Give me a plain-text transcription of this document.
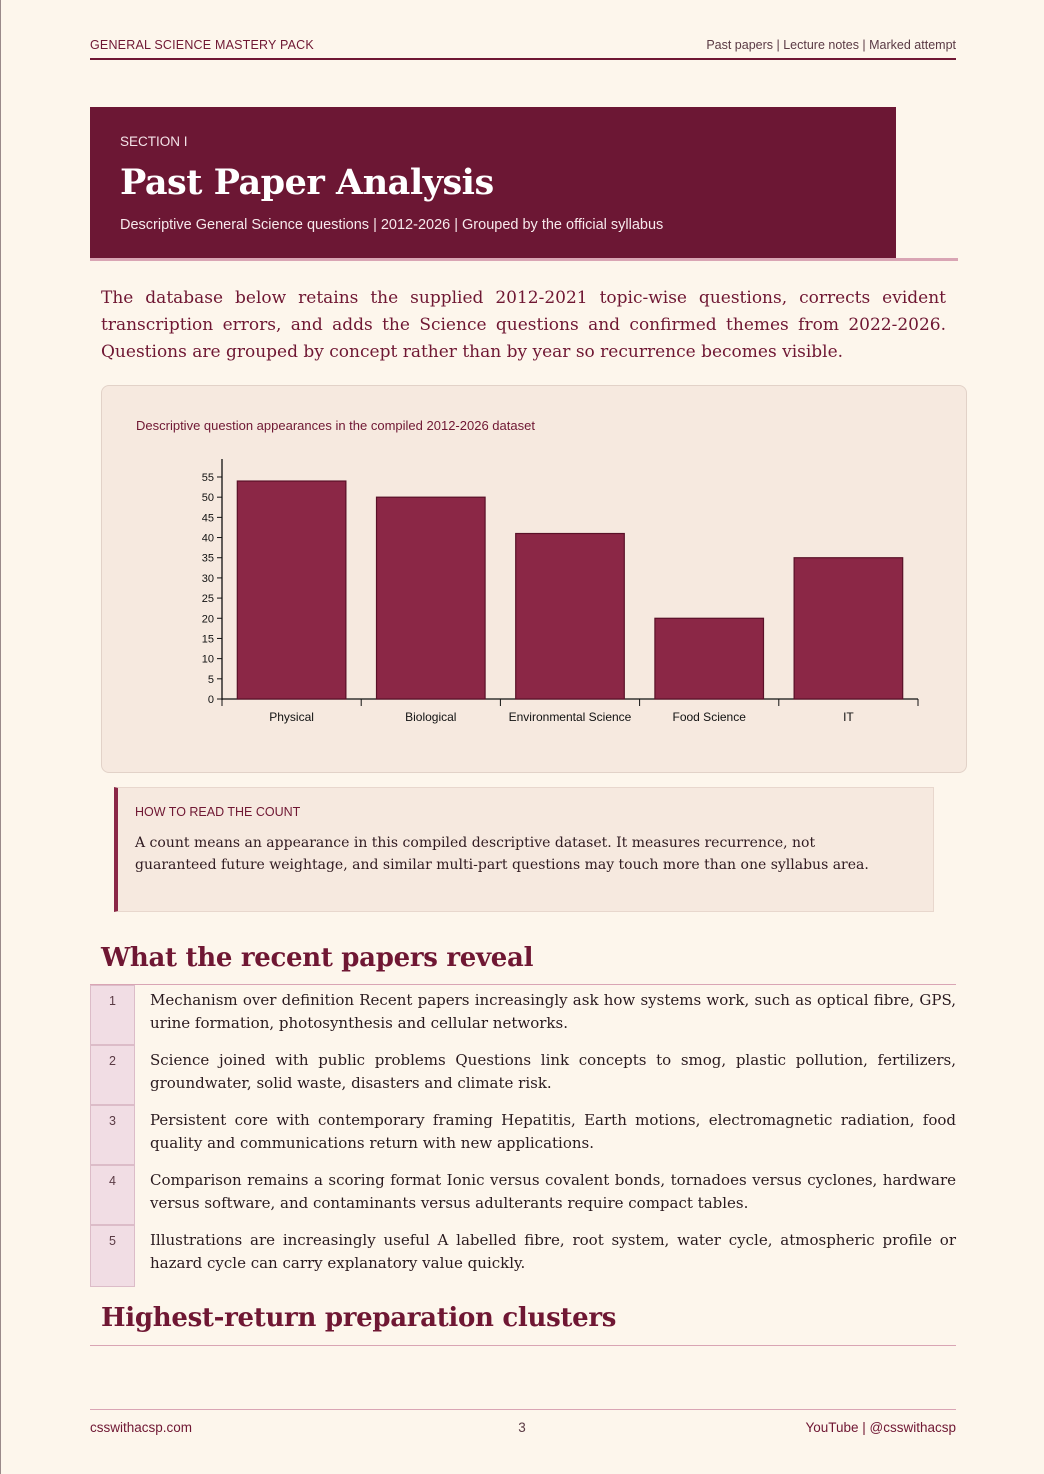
GENERAL SCIENCE MASTERY PACK	Past papers | Lecture notes | Marked attempt
SECTION I
Past Paper Analysis
Descriptive General Science questions | 2012-2026 | Grouped by the official syllabus

The database below retains the supplied 2012-2021 topic-wise questions, corrects evident transcription errors, and adds the Science questions and confirmed themes from 2022-2026. Questions are grouped by concept rather than by year so recurrence becomes visible.

Descriptive question appearances in the compiled 2012-2026 dataset
0
5
10
15
20
25
30
35
40
45
50
55
Physical	Biological	Environmental Science	Food Science	IT
HOW TO READ THE COUNT

A count means an appearance in this compiled descriptive dataset. It measures recurrence, not guaranteed future weightage, and similar multi-part questions may touch more than one syllabus area.

What the recent papers reveal
1	Mechanism over definition Recent papers increasingly ask how systems work, such as optical fibre, GPS, urine formation, photosynthesis and cellular networks.

2	Science joined with public problems Questions link concepts to smog, plastic pollution, fertilizers, groundwater, solid waste, disasters and climate risk.

3	Persistent core with contemporary framing Hepatitis, Earth motions, electromagnetic radiation, food quality and communications return with new applications.

4	Comparison remains a scoring format Ionic versus covalent bonds, tornadoes versus cyclones, hardware versus software, and contaminants versus adulterants require compact tables.

5	Illustrations are increasingly useful A labelled fibre, root system, water cycle, atmospheric profile or hazard cycle can carry explanatory value quickly.

Highest-return preparation clusters
csswithacsp.com	3	YouTube | @csswithacsp
